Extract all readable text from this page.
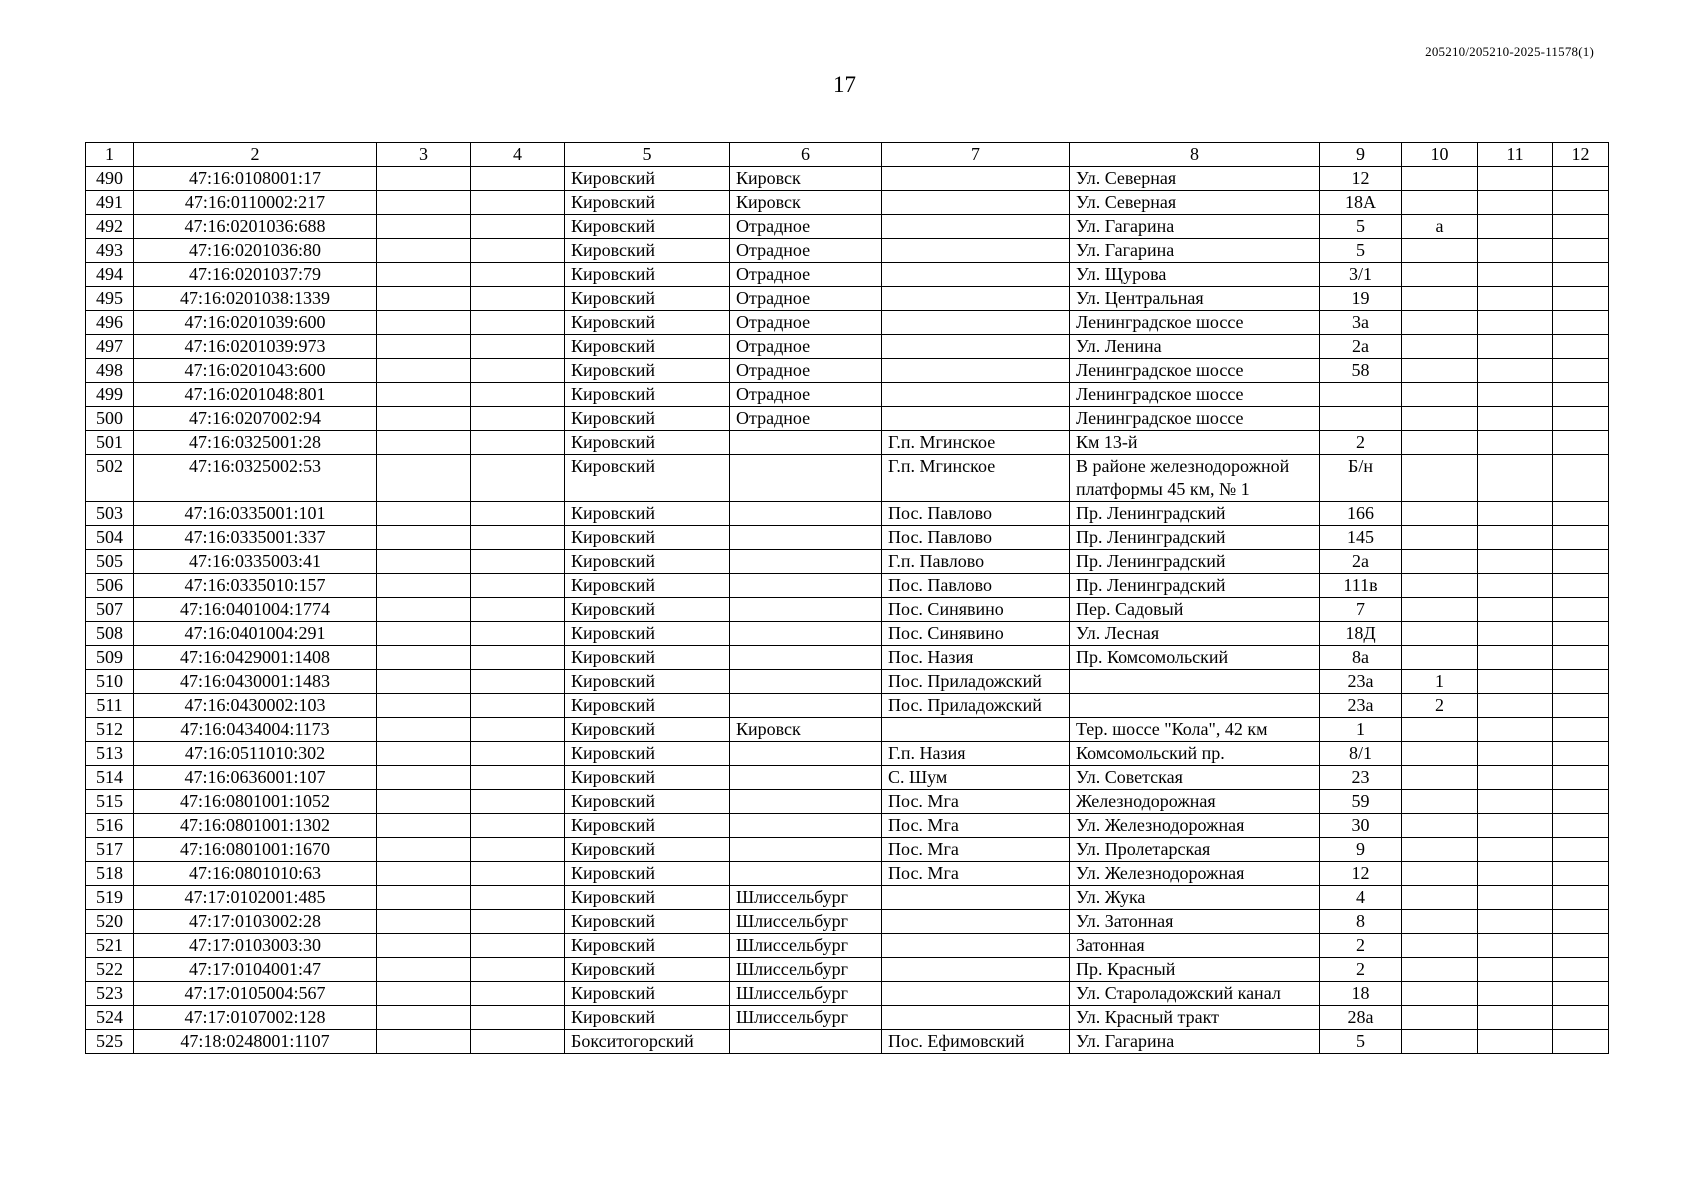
205210/205210-2025-11578(1)
17
1	2	3	4	5	6	7	8	9	10	11	12
490	47:16:0108001:17			Кировский	Кировск		Ул. Северная	12			
491	47:16:0110002:217			Кировский	Кировск		Ул. Северная	18А			
492	47:16:0201036:688			Кировский	Отрадное		Ул. Гагарина	5	а		
493	47:16:0201036:80			Кировский	Отрадное		Ул. Гагарина	5			
494	47:16:0201037:79			Кировский	Отрадное		Ул. Щурова	3/1			
495	47:16:0201038:1339			Кировский	Отрадное		Ул. Центральная	19			
496	47:16:0201039:600			Кировский	Отрадное		Ленинградское шоссе	3а			
497	47:16:0201039:973			Кировский	Отрадное		Ул. Ленина	2а			
498	47:16:0201043:600			Кировский	Отрадное		Ленинградское шоссе	58			
499	47:16:0201048:801			Кировский	Отрадное		Ленинградское шоссе				
500	47:16:0207002:94			Кировский	Отрадное		Ленинградское шоссе				
501	47:16:0325001:28			Кировский		Г.п. Мгинское	Км 13-й	2			
502	47:16:0325002:53			Кировский		Г.п. Мгинское	В районе железнодорожной платформы 45 км, № 1	Б/н			
503	47:16:0335001:101			Кировский		Пос. Павлово	Пр. Ленинградский	166			
504	47:16:0335001:337			Кировский		Пос. Павлово	Пр. Ленинградский	145			
505	47:16:0335003:41			Кировский		Г.п. Павлово	Пр. Ленинградский	2а			
506	47:16:0335010:157			Кировский		Пос. Павлово	Пр. Ленинградский	111в			
507	47:16:0401004:1774			Кировский		Пос. Синявино	Пер. Садовый	7			
508	47:16:0401004:291			Кировский		Пос. Синявино	Ул. Лесная	18Д			
509	47:16:0429001:1408			Кировский		Пос. Назия	Пр. Комсомольский	8а			
510	47:16:0430001:1483			Кировский		Пос. Приладожский		23а	1		
511	47:16:0430002:103			Кировский		Пос. Приладожский		23а	2		
512	47:16:0434004:1173			Кировский	Кировск		Тер. шоссе "Кола", 42 км	1			
513	47:16:0511010:302			Кировский		Г.п. Назия	Комсомольский пр.	8/1			
514	47:16:0636001:107			Кировский		С. Шум	Ул. Советская	23			
515	47:16:0801001:1052			Кировский		Пос. Мга	Железнодорожная	59			
516	47:16:0801001:1302			Кировский		Пос. Мга	Ул. Железнодорожная	30			
517	47:16:0801001:1670			Кировский		Пос. Мга	Ул. Пролетарская	9			
518	47:16:0801010:63			Кировский		Пос. Мга	Ул. Железнодорожная	12			
519	47:17:0102001:485			Кировский	Шлиссельбург		Ул. Жука	4			
520	47:17:0103002:28			Кировский	Шлиссельбург		Ул. Затонная	8			
521	47:17:0103003:30			Кировский	Шлиссельбург		Затонная	2			
522	47:17:0104001:47			Кировский	Шлиссельбург		Пр. Красный	2			
523	47:17:0105004:567			Кировский	Шлиссельбург		Ул. Староладожский канал	18			
524	47:17:0107002:128			Кировский	Шлиссельбург		Ул. Красный тракт	28а			
525	47:18:0248001:1107			Бокситогорский		Пос. Ефимовский	Ул. Гагарина	5			
